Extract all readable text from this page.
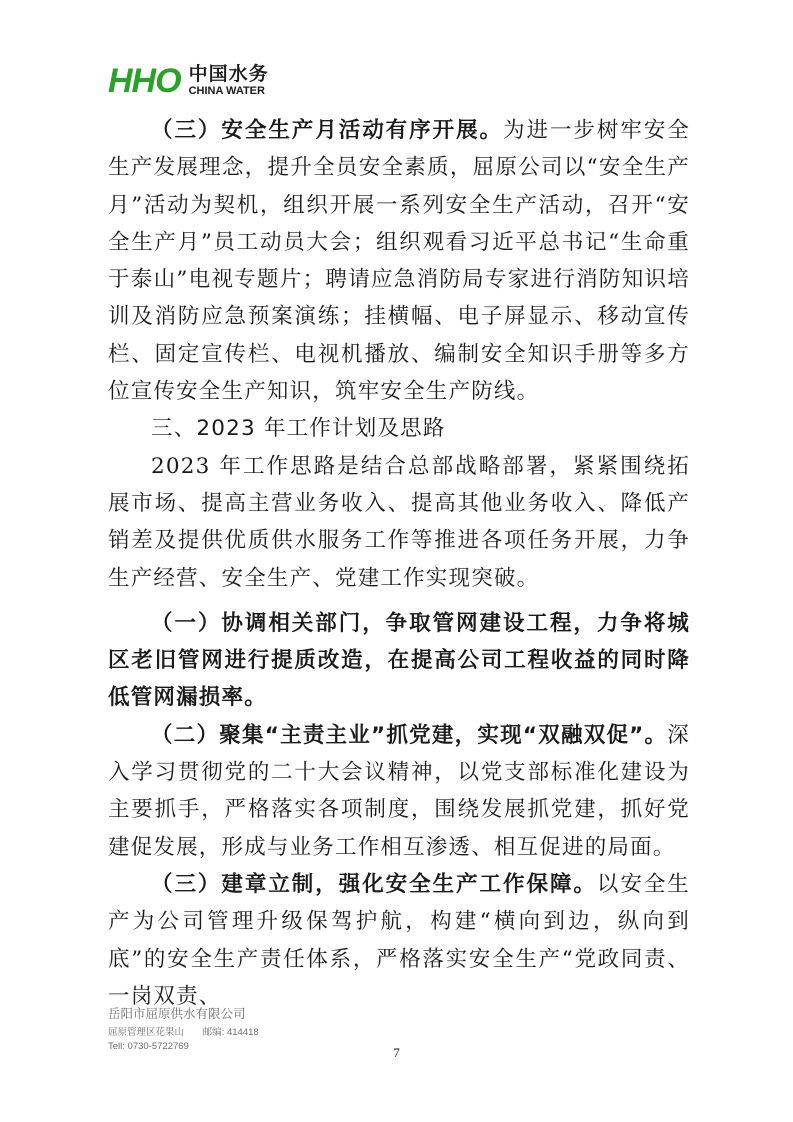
HHO 中国水务
CHINA WATER

（三）安全生产月活动有序开展。为进一步树牢安全生产发展理念，提升全员安全素质，屈原公司以“安全生产月”活动为契机，组织开展一系列安全生产活动，召开“安全生产月”员工动员大会；组织观看习近平总书记“生命重于泰山”电视专题片；聘请应急消防局专家进行消防知识培训及消防应急预案演练；挂横幅、电子屏显示、移动宣传栏、固定宣传栏、电视机播放、编制安全知识手册等多方位宣传安全生产知识，筑牢安全生产防线。

三、2023 年工作计划及思路

2023 年工作思路是结合总部战略部署，紧紧围绕拓展市场、提高主营业务收入、提高其他业务收入、降低产销差及提供优质供水服务工作等推进各项任务开展，力争生产经营、安全生产、党建工作实现突破。

（一）协调相关部门，争取管网建设工程，力争将城区老旧管网进行提质改造，在提高公司工程收益的同时降低管网漏损率。

（二）聚集“主责主业”抓党建，实现“双融双促”。深入学习贯彻党的二十大会议精神，以党支部标准化建设为主要抓手，严格落实各项制度，围绕发展抓党建，抓好党建促发展，形成与业务工作相互渗透、相互促进的局面。

（三）建章立制，强化安全生产工作保障。以安全生产为公司管理升级保驾护航，构建“横向到边，纵向到底”的安全生产责任体系，严格落实安全生产“党政同责、一岗双责、

岳阳市屈原供水有限公司
屈原管理区花果山 邮编: 414418
Tell: 0730-5722769	7
